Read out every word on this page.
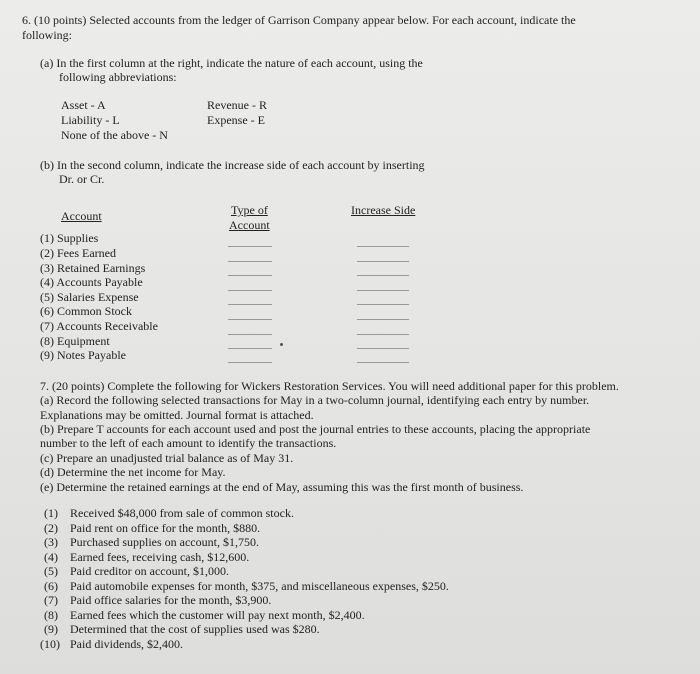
6. (10 points) Selected accounts from the ledger of Garrison Company appear below. For each account, indicate the
following:
(a) In the first column at the right, indicate the nature of each account, using the
following abbreviations:
Asset - A
Liability - L
None of the above - N
Revenue - R
Expense - E
(b) In the second column, indicate the increase side of each account by inserting
Dr. or Cr.
Account	Type of
Account
Increase Side
(1) Supplies
(2) Fees Earned
(3) Retained Earnings
(4) Accounts Payable
(5) Salaries Expense
(6) Common Stock
(7) Accounts Receivable
(8) Equipment
(9) Notes Payable
7. (20 points) Complete the following for Wickers Restoration Services. You will need additional paper for this problem.
(a) Record the following selected transactions for May in a two-column journal, identifying each entry by number.
Explanations may be omitted. Journal format is attached.
(b) Prepare T accounts for each account used and post the journal entries to these accounts, placing the appropriate
number to the left of each amount to identify the transactions.
(c) Prepare an unadjusted trial balance as of May 31.
(d) Determine the net income for May.
(e) Determine the retained earnings at the end of May, assuming this was the first month of business.
(1) Received $48,000 from sale of common stock.
(2) Paid rent on office for the month, $880.
(3) Purchased supplies on account, $1,750.
(4) Earned fees, receiving cash, $12,600.
(5) Paid creditor on account, $1,000.
(6) Paid automobile expenses for month, $375, and miscellaneous expenses, $250.
(7) Paid office salaries for the month, $3,900.
(8) Earned fees which the customer will pay next month, $2,400.
(9) Determined that the cost of supplies used was $280.
(10) Paid dividends, $2,400.
